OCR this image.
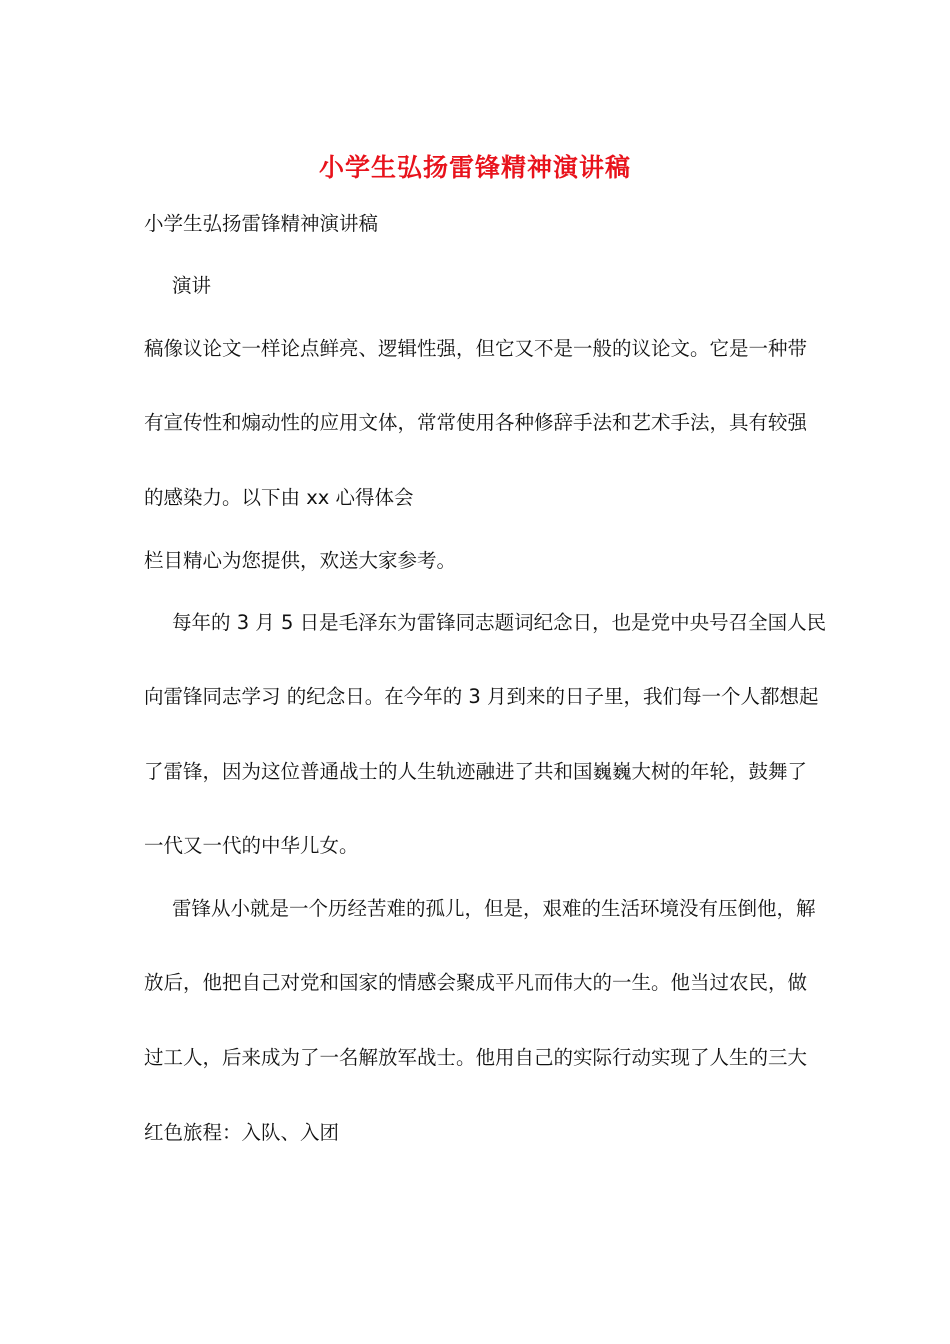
小学生弘扬雷锋精神演讲稿
小学生弘扬雷锋精神演讲稿
演讲
稿像议论文一样论点鲜亮、逻辑性强，但它又不是一般的议论文。它是一种带
有宣传性和煽动性的应用文体，常常使用各种修辞手法和艺术手法，具有较强
的感染力。以下由 xx 心得体会
栏目精心为您提供，欢送大家参考。
每年的 3 月 5 日是毛泽东为雷锋同志题词纪念日，也是党中央号召全国人民
向雷锋同志学习 的纪念日。在今年的 3 月到来的日子里，我们每一个人都想起
了雷锋，因为这位普通战士的人生轨迹融进了共和国巍巍大树的年轮，鼓舞了
一代又一代的中华儿女。
雷锋从小就是一个历经苦难的孤儿，但是，艰难的生活环境没有压倒他，解
放后，他把自己对党和国家的情感会聚成平凡而伟大的一生。他当过农民，做
过工人，后来成为了一名解放军战士。他用自己的实际行动实现了人生的三大
红色旅程：入队、入团
